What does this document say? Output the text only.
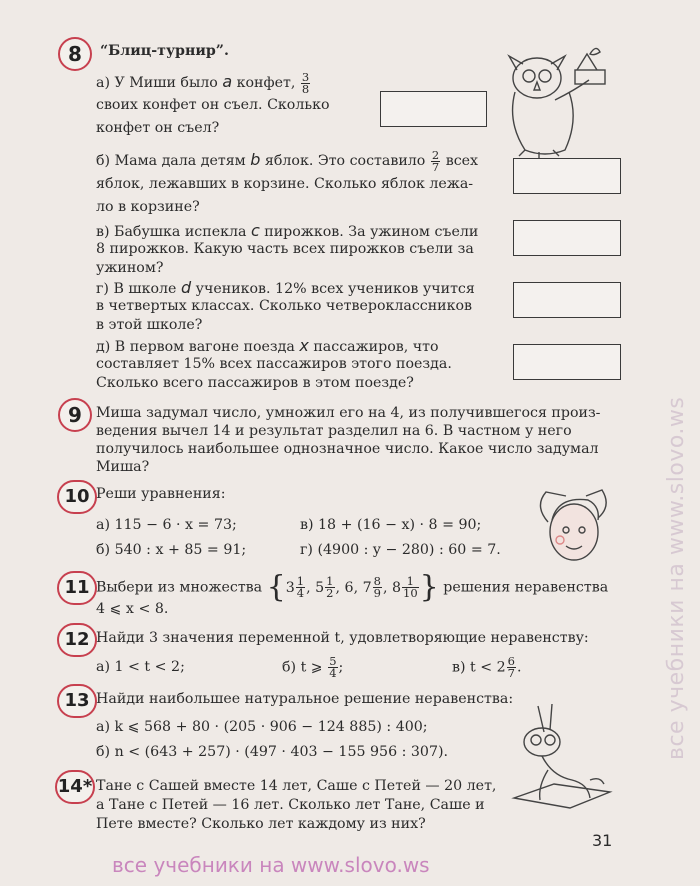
8	“Блиц-турнир”.
а) У Миши было a конфет, $\frac{3}{8}$
своих конфет он съел. Сколько
конфет он съел?
б) Мама дала детям b яблок. Это составило $\frac{2}{7}$ всех
яблок, лежавших в корзине. Сколько яблок лежа-
ло в корзине?
в) Бабушка испекла c пирожков. За ужином съели
8 пирожков. Какую часть всех пирожков съели за
ужином?
г) В школе d учеников. 12% всех учеников учится
в четвертых классах. Сколько четвероклассников
в этой школе?
д) В первом вагоне поезда x пассажиров, что
составляет 15% всех пассажиров этого поезда.
Сколько всего пассажиров в этом поезде?
9 Миша задумал число, умножил его на 4, из получившегося произ-
ведения вычел 14 и результат разделил на 6. В частном у него
получилось наибольшее однозначное число. Какое число задумал
Миша?
10 Реши уравнения:
а) 115 − 6 · x = 73;
б) 540 : x + 85 = 91;
в) 18 + (16 − x) · 8 = 90;
г) (4900 : y − 280) : 60 = 7.
11 Выбери из множества {$3 \frac{1}{4}$ , $5 \frac{1}{2}$ , 6, $7 \frac{8}{9}$ , $8 \frac{1}{10}$ } решения неравенства
4 ⩽ x < 8.
12 Найди 3 значения переменной t, удовлетворяющие неравенству:
а) 1 < t < 2;	б) t ⩾ $\frac{5}{4}$ ;	в) $t < 2 \frac{6}{7}$ .
13 Найди наибольшее натуральное решение неравенства:
а) k ⩽ 568 + 80 · (205 · 906 − 124 885) : 400;
б) n < (643 + 257) · (497 · 403 − 155 956 : 307).
14* Тане с Сашей вместе 14 лет, Саше с Петей — 20 лет,
а Тане с Петей — 16 лет. Сколько лет Тане, Саше и
Пете вместе? Сколько лет каждому из них?
31
все учебники на www.slovo.ws
все учебники на www.slovo.ws
